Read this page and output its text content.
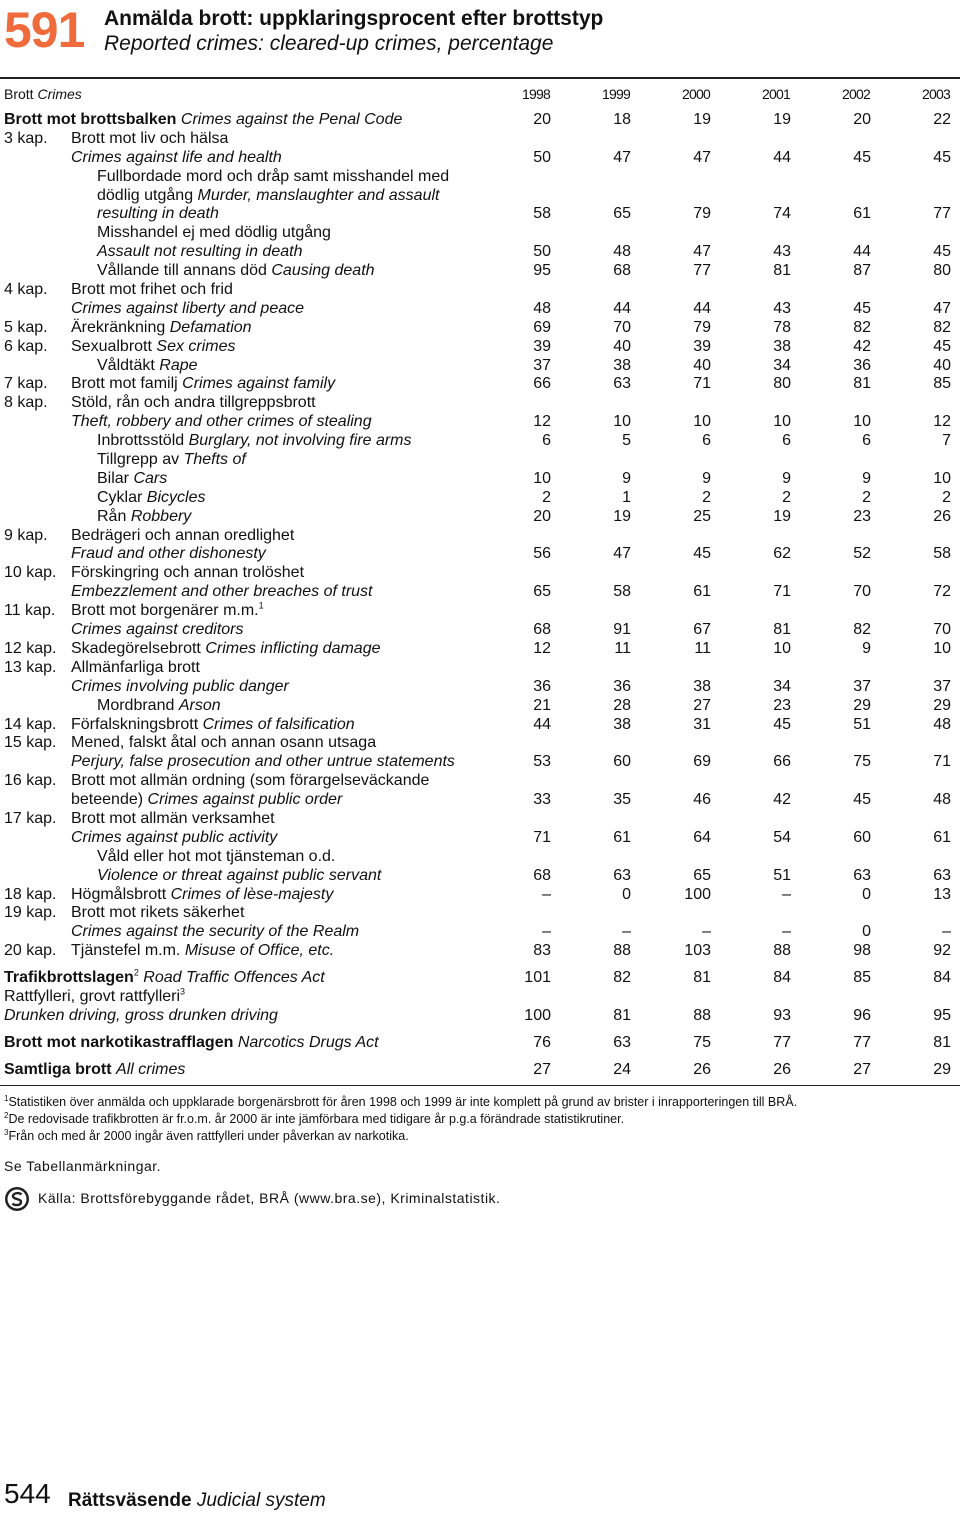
591 Anmälda brott: uppklaringsprocent efter brottstyp
Reported crimes: cleared-up crimes, percentage
Brott Crimes	1998	1999	2000	2001	2002	2003
Brott mot brottsbalken Crimes against the Penal Code	20	18	19	19	20	22
3 kap. Brott mot liv och hälsa
Crimes against life and health	50	47	47	44	45	45
Fullbordade mord och dråp samt misshandel med
dödlig utgång Murder, manslaughter and assault
resulting in death	58	65	79	74	61	77
Misshandel ej med dödlig utgång
Assault not resulting in death	50	48	47	43	44	45
Vållande till annans död Causing death	95	68	77	81	87	80
4 kap. Brott mot frihet och frid
Crimes against liberty and peace	48	44	44	43	45	47
5 kap. Ärekränkning Defamation	69	70	79	78	82	82
6 kap. Sexualbrott Sex crimes	39	40	39	38	42	45
Våldtäkt Rape	37	38	40	34	36	40
7 kap. Brott mot familj Crimes against family	66	63	71	80	81	85
8 kap. Stöld, rån och andra tillgreppsbrott
Theft, robbery and other crimes of stealing	12	10	10	10	10	12
Inbrottsstöld Burglary, not involving fire arms	6	5	6	6	6	7
Tillgrepp av Thefts of
Bilar Cars	10	9	9	9	9	10
Cyklar Bicycles	2	1	2	2	2	2
Rån Robbery	20	19	25	19	23	26
9 kap. Bedrägeri och annan oredlighet
Fraud and other dishonesty	56	47	45	62	52	58
10 kap. Förskingring och annan trolöshet
Embezzlement and other breaches of trust	65	58	61	71	70	72
11 kap. Brott mot borgenärer m.m.$^1$
Crimes against creditors	68	91	67	81	82	70
12 kap. Skadegörelsebrott Crimes inflicting damage	12	11	11	10	9	10
13 kap. Allmänfarliga brott
Crimes involving public danger	36	36	38	34	37	37
Mordbrand Arson	21	28	27	23	29	29
14 kap. Förfalskningsbrott Crimes of falsification	44	38	31	45	51	48
15 kap. Mened, falskt åtal och annan osann utsaga
Perjury, false prosecution and other untrue statements	53	60	69	66	75	71
16 kap. Brott mot allmän ordning (som förargelseväckande
beteende) Crimes against public order	33	35	46	42	45	48
17 kap. Brott mot allmän verksamhet
Crimes against public activity	71	61	64	54	60	61
Våld eller hot mot tjänsteman o.d.
Violence or threat against public servant	68	63	65	51	63	63
18 kap. Högmålsbrott Crimes of lèse-majesty	–	0	100	–	0	13
19 kap. Brott mot rikets säkerhet
Crimes against the security of the Realm	–	–	–	–	0	–
20 kap. Tjänstefel m.m. Misuse of Office, etc.	83	88	103	88	98	92
Trafikbrottslagen$^2$ Road Traffic Offences Act	101	82	81	84	85	84
Rattfylleri, grovt rattfylleri$^3$
Drunken driving, gross drunken driving	100	81	88	93	96	95
Brott mot narkotikastrafflagen Narcotics Drugs Act	76	63	75	77	77	81
Samtliga brott All crimes	27	24	26	26	27	29
$^1$Statistiken över anmälda och uppklarade borgenärsbrott för åren 1998 och 1999 är inte komplett på grund av brister i inrapporteringen till BRÅ.
$^2$De redovisade trafikbrotten är fr.o.m. år 2000 är inte jämförbara med tidigare år p.g.a förändrade statistikrutiner.
$^3$Från och med år 2000 ingår även rattfylleri under påverkan av narkotika.
Se Tabellanmärkningar.
Källa: Brottsförebyggande rådet, BRÅ (www.bra.se), Kriminalstatistik.
544 Rättsväsende Judicial system
